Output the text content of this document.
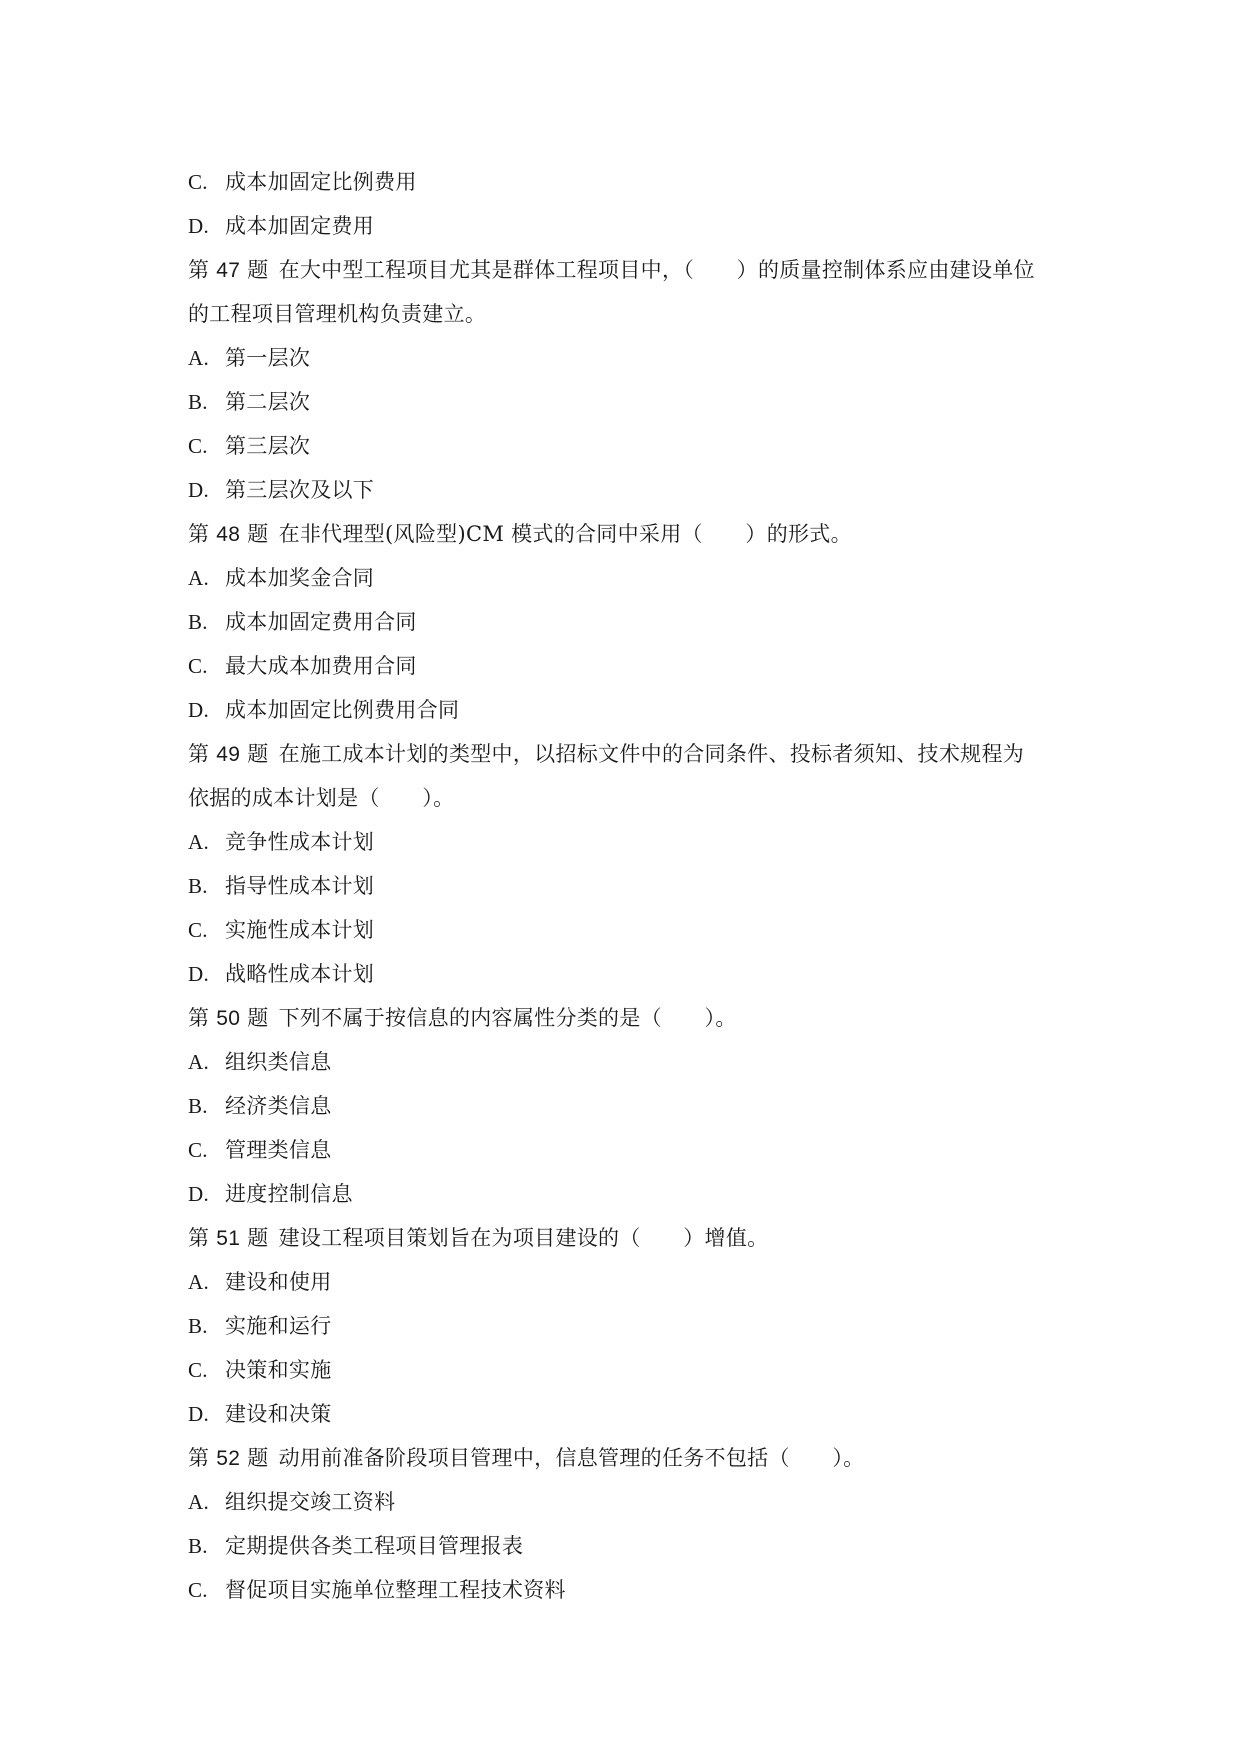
C. 成本加固定比例费用
D. 成本加固定费用
第 47 题 在大中型工程项目尤其是群体工程项目中，（　　）的质量控制体系应由建设单位
的工程项目管理机构负责建立。
A. 第一层次
B. 第二层次
C. 第三层次
D. 第三层次及以下
第 48 题 在非代理型(风险型)CM 模式的合同中采用（　　）的形式。
A. 成本加奖金合同
B. 成本加固定费用合同
C. 最大成本加费用合同
D. 成本加固定比例费用合同
第 49 题 在施工成本计划的类型中，以招标文件中的合同条件、投标者须知、技术规程为
依据的成本计划是（　　）。
A. 竞争性成本计划
B. 指导性成本计划
C. 实施性成本计划
D. 战略性成本计划
第 50 题 下列不属于按信息的内容属性分类的是（　　）。
A. 组织类信息
B. 经济类信息
C. 管理类信息
D. 进度控制信息
第 51 题 建设工程项目策划旨在为项目建设的（　　）增值。
A. 建设和使用
B. 实施和运行
C. 决策和实施
D. 建设和决策
第 52 题 动用前准备阶段项目管理中，信息管理的任务不包括（　　）。
A. 组织提交竣工资料
B. 定期提供各类工程项目管理报表
C. 督促项目实施单位整理工程技术资料
